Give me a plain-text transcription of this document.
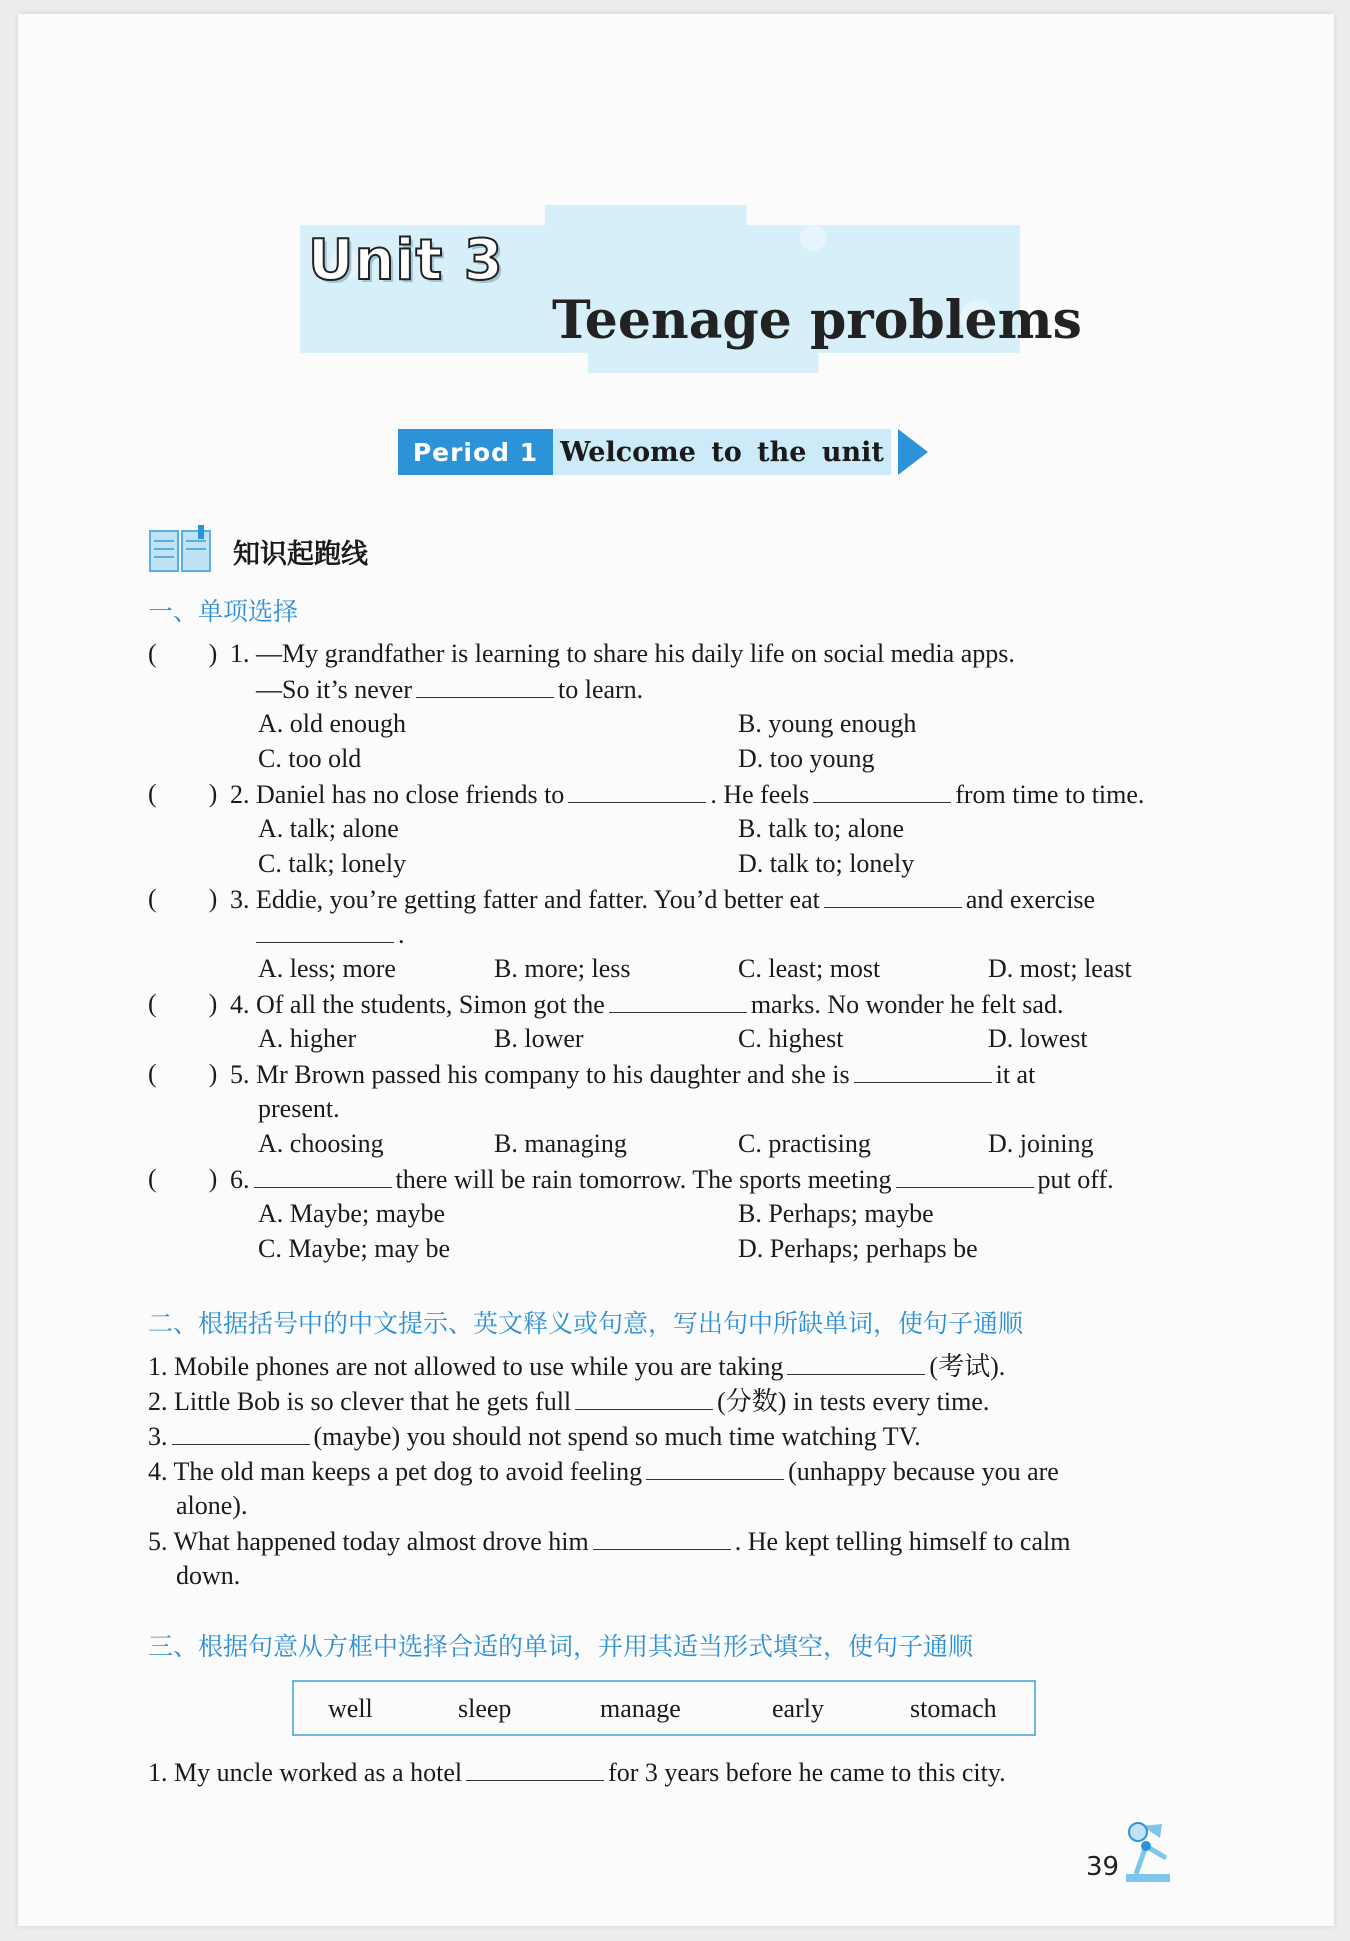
Unit 3
Teenage problems
Period 1 Welcome to the unit
知识起跑线
一、单项选择
(　　) 1. —My grandfather is learning to share his daily life on social media apps.
—So it’s never	to learn.
A. old enough	B. young enough
C. too old	D. too young
(　　) 2. Daniel has no close friends to	. He feels	from time to time.
A. talk; alone	B. talk to; alone
C. talk; lonely	D. talk to; lonely
(　　) 3. Eddie, you’re getting fatter and fatter. You’d better eat	and exercise
.
A. less; more	B. more; less	C. least; most	D. most; least
(　　) 4. Of all the students, Simon got the	marks. No wonder he felt sad.
A. higher	B. lower	C. highest	D. lowest
(　　) 5. Mr Brown passed his company to his daughter and she is	it at
present.
A. choosing	B. managing	C. practising	D. joining
(　　) 6.	there will be rain tomorrow. The sports meeting	put off.
A. Maybe; maybe	B. Perhaps; maybe
C. Maybe; may be	D. Perhaps; perhaps be
二、根据括号中的中文提示、英文释义或句意，写出句中所缺单词，使句子通顺
1. Mobile phones are not allowed to use while you are taking	(考试).
2. Little Bob is so clever that he gets full	(分数) in tests every time.
3.	(maybe) you should not spend so much time watching TV.
4. The old man keeps a pet dog to avoid feeling	(unhappy because you are
alone).
5. What happened today almost drove him	. He kept telling himself to calm
down.
三、根据句意从方框中选择合适的单词，并用其适当形式填空，使句子通顺
well	sleep	manage	early	stomach
1. My uncle worked as a hotel	for 3 years before he came to this city.
39
